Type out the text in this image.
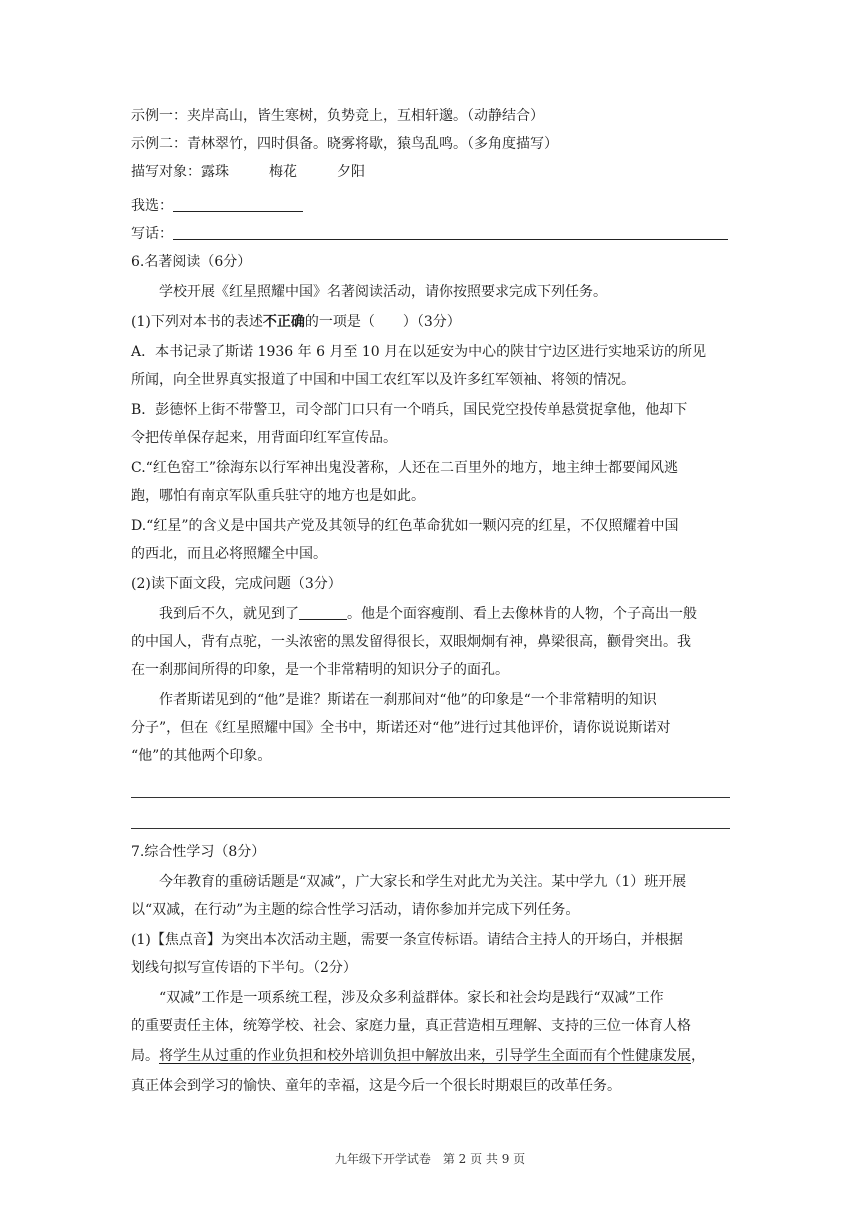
示例一：夹岸高山，皆生寒树，负势竞上，互相轩邈。（动静结合）
示例二：青林翠竹，四时俱备。晓雾将歇，猿鸟乱鸣。（多角度描写）
描写对象：露珠	梅花	夕阳
我选：
写话：
6.名著阅读（6分）
学校开展《红星照耀中国》名著阅读活动，请你按照要求完成下列任务。
(1)下列对本书的表述不正确的一项是（　　）（3分）
A．本书记录了斯诺 1936 年 6 月至 10 月在以延安为中心的陕甘宁边区进行实地采访的所见
所闻，向全世界真实报道了中国和中国工农红军以及许多红军领袖、将领的情况。
B．彭德怀上街不带警卫，司令部门口只有一个哨兵，国民党空投传单悬赏捉拿他，他却下
令把传单保存起来，用背面印红军宣传品。
C.“红色窑工”徐海东以行军神出鬼没著称，人还在二百里外的地方，地主绅士都要闻风逃
跑，哪怕有南京军队重兵驻守的地方也是如此。
D.“红星”的含义是中国共产党及其领导的红色革命犹如一颗闪亮的红星，不仅照耀着中国
的西北，而且必将照耀全中国。
(2)读下面文段，完成问题（3分）
我到后不久，就见到了	。他是个面容瘦削、看上去像林肯的人物，个子高出一般
的中国人，背有点驼，一头浓密的黑发留得很长，双眼炯炯有神，鼻梁很高，颧骨突出。我
在一刹那间所得的印象，是一个非常精明的知识分子的面孔。
作者斯诺见到的“他”是谁？斯诺在一刹那间对“他”的印象是“一个非常精明的知识
分子”，但在《红星照耀中国》全书中，斯诺还对“他”进行过其他评价，请你说说斯诺对
“他”的其他两个印象。
7.综合性学习（8分）
今年教育的重磅话题是“双减”，广大家长和学生对此尤为关注。某中学九（1）班开展
以“双减，在行动”为主题的综合性学习活动，请你参加并完成下列任务。
(1)【焦点音】为突出本次活动主题，需要一条宣传标语。请结合主持人的开场白，并根据
划线句拟写宣传语的下半句。（2分）
“双减”工作是一项系统工程，涉及众多利益群体。家长和社会均是践行“双减”工作
的重要责任主体，统筹学校、社会、家庭力量，真正营造相互理解、支持的三位一体育人格
局。将学生从过重的作业负担和校外培训负担中解放出来，引导学生全面而有个性健康发展，
真正体会到学习的愉快、童年的幸福，这是今后一个很长时期艰巨的改革任务。
九年级下开学试卷　第 2 页 共 9 页
